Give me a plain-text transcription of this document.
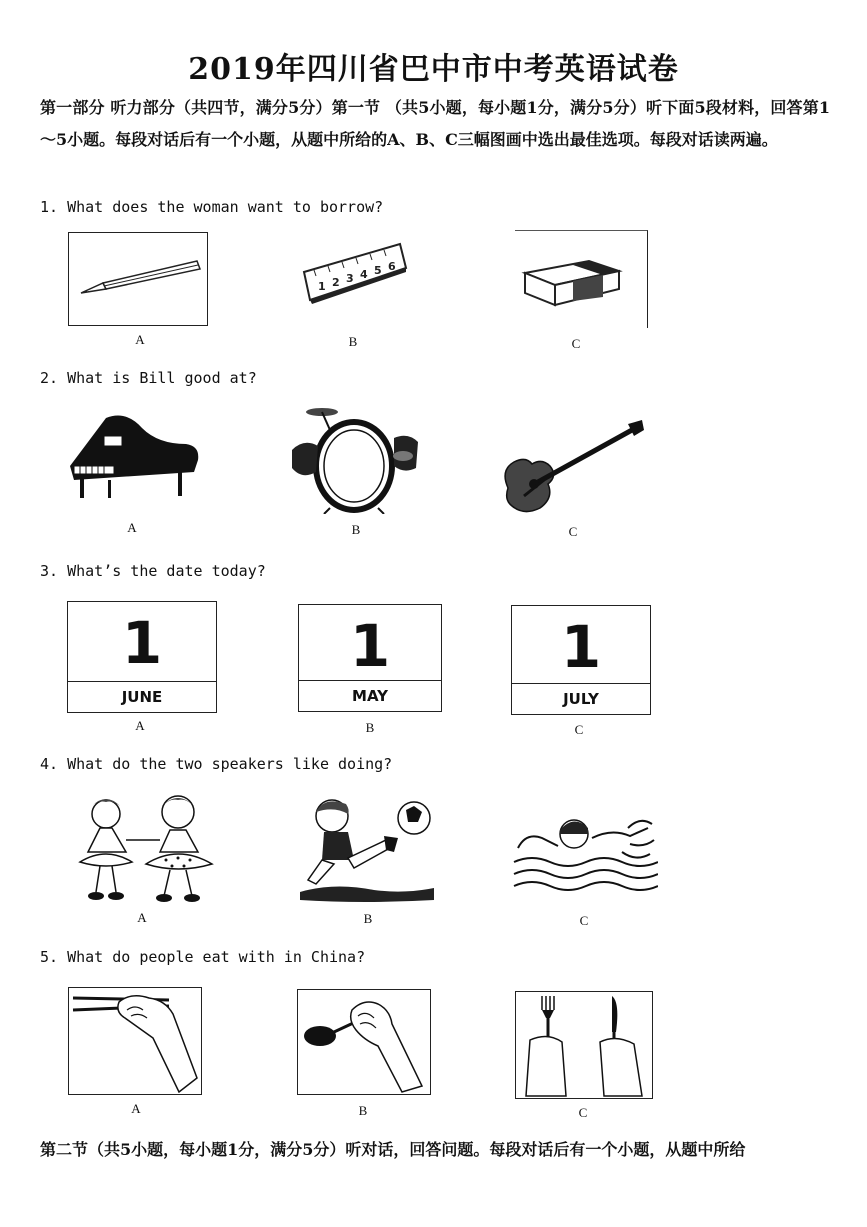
2019年四川省巴中市中考英语试卷
第一部分 听力部分（共四节，满分5分）第一节 （共5小题，每小题1分，满分5分）听下面5段材料，回答第1～5小题。每段对话后有一个小题，从题中所给的A、B、C三幅图画中选出最佳选项。每段对话读两遍。
1. What does the woman want to borrow?
1 2 3 4 5 6
A	B	C
2. What is Bill good at?
A	B	C
3. What’s the date today?
1
JUNE
1
MAY
1
JULY
A	B	C
4. What do the two speakers like doing?
A	B	C
5. What do people eat with in China?
A	B	C
第二节（共5小题，每小题1分，满分5分）听对话，回答问题。每段对话后有一个小题，从题中所给
